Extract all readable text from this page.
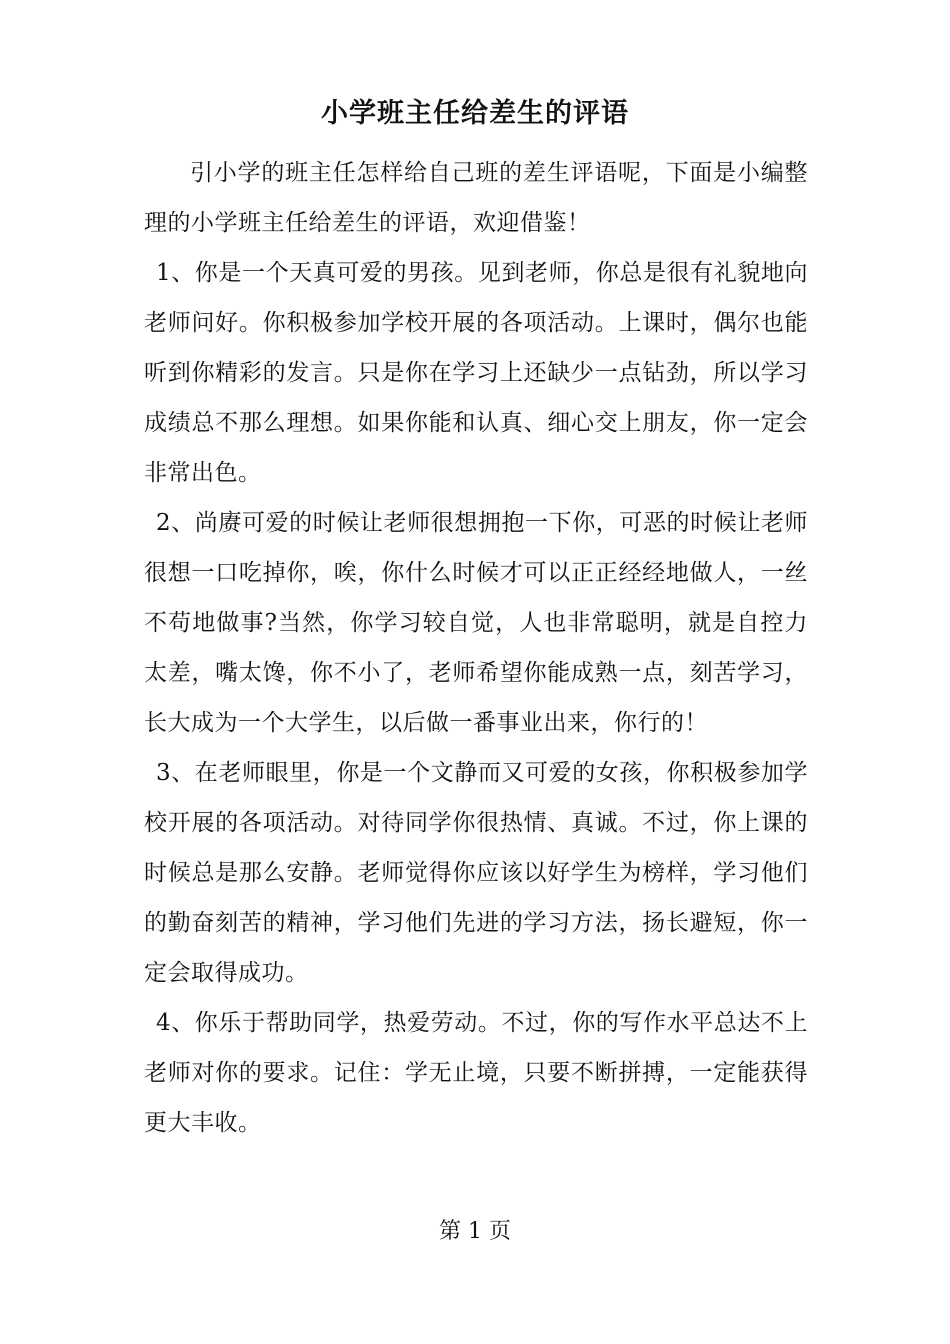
小学班主任给差生的评语

引小学的班主任怎样给自己班的差生评语呢，下面是小编整理的小学班主任给差生的评语，欢迎借鉴！

1、你是一个天真可爱的男孩。见到老师，你总是很有礼貌地向老师问好。你积极参加学校开展的各项活动。上课时，偶尔也能听到你精彩的发言。只是你在学习上还缺少一点钻劲，所以学习成绩总不那么理想。如果你能和认真、细心交上朋友，你一定会非常出色。

2、尚赓可爱的时候让老师很想拥抱一下你，可恶的时候让老师很想一口吃掉你，唉，你什么时候才可以正正经经地做人，一丝不苟地做事?当然，你学习较自觉，人也非常聪明，就是自控力太差，嘴太馋，你不小了，老师希望你能成熟一点，刻苦学习，长大成为一个大学生，以后做一番事业出来，你行的！

3、在老师眼里，你是一个文静而又可爱的女孩，你积极参加学校开展的各项活动。对待同学你很热情、真诚。不过，你上课的时候总是那么安静。老师觉得你应该以好学生为榜样，学习他们的勤奋刻苦的精神，学习他们先进的学习方法，扬长避短，你一定会取得成功。

4、你乐于帮助同学，热爱劳动。不过，你的写作水平总达不上老师对你的要求。记住：学无止境，只要不断拼搏，一定能获得更大丰收。

第 1 页
